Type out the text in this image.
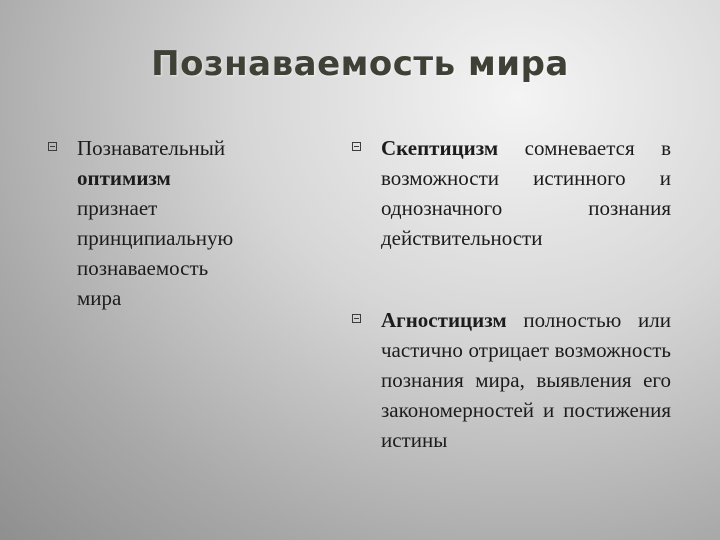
Познаваемость мира
Познавательный
оптимизм
признает
принципиальную
познаваемость
мира
Скептицизм сомневается в возможности истинного и однозначного познания действительности
Агностицизм полностью или частично отрицает возможность познания мира, выявления его закономерностей и постижения истины
